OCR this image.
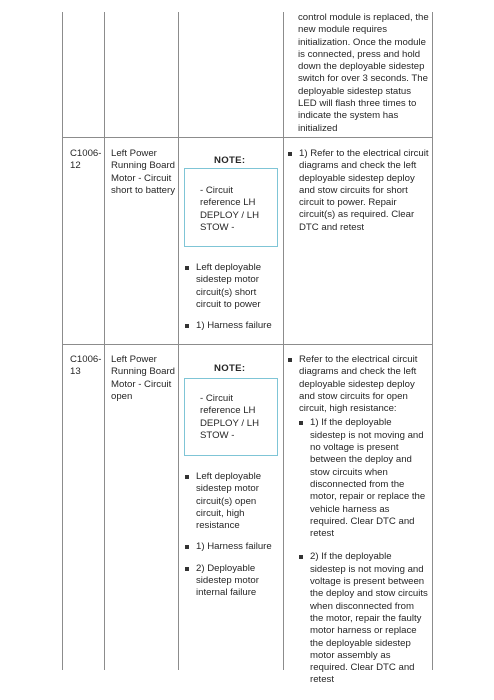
control module is replaced, the new module requires initialization. Once the module is connected, press and hold down the deployable sidestep switch for over 3 seconds. The deployable sidestep status LED will flash three times to indicate the system has initialized
C1006-12
Left Power Running Board Motor - Circuit short to battery
NOTE:
- Circuit reference LH DEPLOY / LH STOW -
Left deployable sidestep motor circuit(s) short circuit to power
1) Harness failure
1) Refer to the electrical circuit diagrams and check the left deployable sidestep deploy and stow circuits for short circuit to power. Repair circuit(s) as required. Clear DTC and retest
C1006-13
Left Power Running Board Motor - Circuit open
NOTE:
- Circuit reference LH DEPLOY / LH STOW -
Left deployable sidestep motor circuit(s) open circuit, high resistance
1) Harness failure
2) Deployable sidestep motor internal failure
Refer to the electrical circuit diagrams and check the left deployable sidestep deploy and stow circuits for open circuit, high resistance:
1) If the deployable sidestep is not moving and no voltage is present between the deploy and stow circuits when disconnected from the motor, repair or replace the vehicle harness as required. Clear DTC and retest
2) If the deployable sidestep is not moving and voltage is present between the deploy and stow circuits when disconnected from the motor, repair the faulty motor harness or replace the deployable sidestep motor assembly as required. Clear DTC and retest
